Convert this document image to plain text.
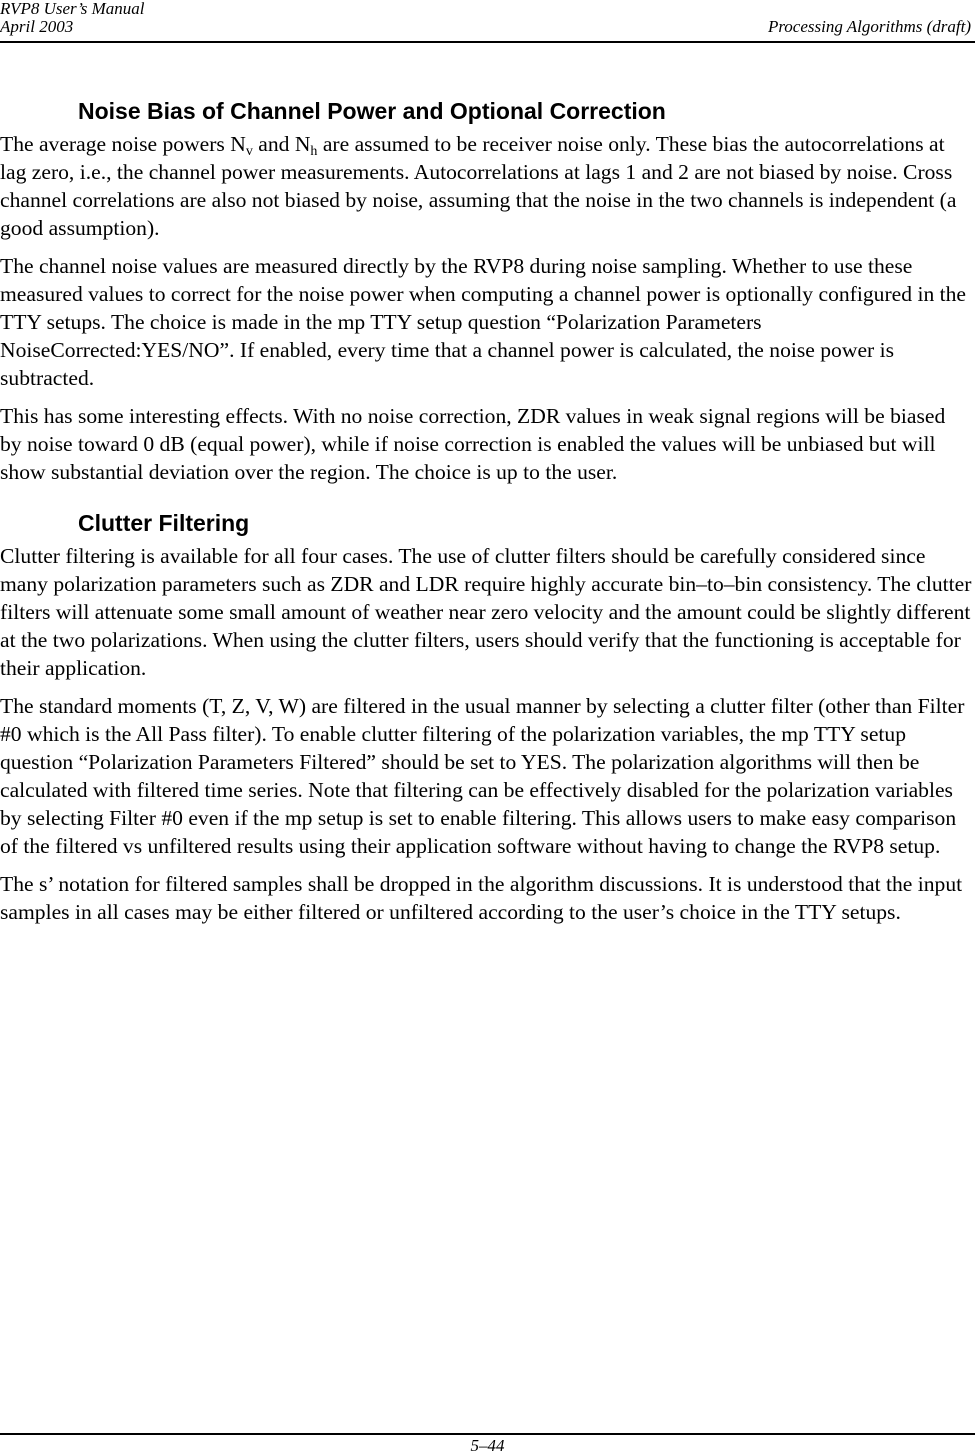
RVP8 User’s Manual
April 2003	Processing Algorithms (draft)
Noise Bias of Channel Power and Optional Correction

The average noise powers $N_v$ and $N_h$ are assumed to be receiver noise only. These bias the autocorrelations at lag zero, i.e., the channel power measurements. Autocorrelations at lags 1 and 2 are not biased by noise. Cross channel correlations are also not biased by noise, assuming that the noise in the two channels is independent (a good assumption).

The channel noise values are measured directly by the RVP8 during noise sampling. Whether to use these measured values to correct for the noise power when computing a channel power is optionally configured in the TTY setups. The choice is made in the mp TTY setup question “Polarization Parameters NoiseCorrected:YES/NO”. If enabled, every time that a channel power is calculated, the noise power is subtracted.

This has some interesting effects. With no noise correction, ZDR values in weak signal regions will be biased by noise toward 0 dB (equal power), while if noise correction is enabled the values will be unbiased but will show substantial deviation over the region. The choice is up to the user.

Clutter Filtering

Clutter filtering is available for all four cases. The use of clutter filters should be carefully considered since many polarization parameters such as ZDR and LDR require highly accurate bin–to–bin consistency. The clutter filters will attenuate some small amount of weather near zero velocity and the amount could be slightly different at the two polarizations. When using the clutter filters, users should verify that the functioning is acceptable for their application.

The standard moments (T, Z, V, W) are filtered in the usual manner by selecting a clutter filter (other than Filter #0 which is the All Pass filter). To enable clutter filtering of the polarization variables, the mp TTY setup question “Polarization Parameters Filtered” should be set to YES. The polarization algorithms will then be calculated with filtered time series. Note that filtering can be effectively disabled for the polarization variables by selecting Filter #0 even if the mp setup is set to enable filtering. This allows users to make easy comparison of the filtered vs unfiltered results using their application software without having to change the RVP8 setup.

The s’ notation for filtered samples shall be dropped in the algorithm discussions. It is understood that the input samples in all cases may be either filtered or unfiltered according to the user’s choice in the TTY setups.

5–44
